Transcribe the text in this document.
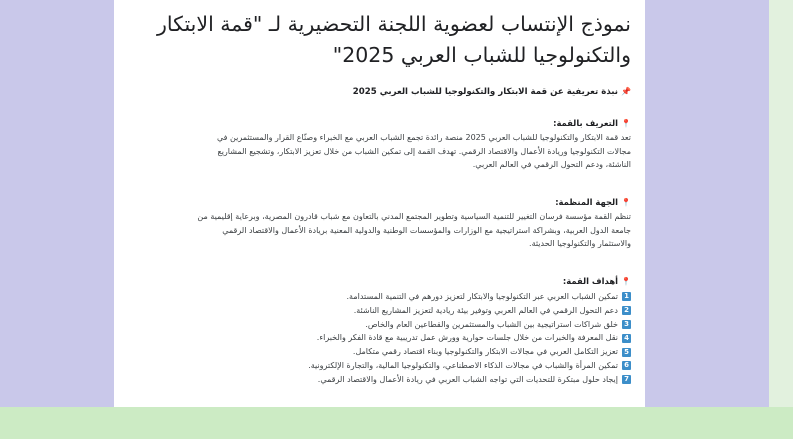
نموذج الإنتساب لعضوية اللجنة التحضيرية لـ "قمة الابتكار
والتكنولوجيا للشباب العربي 2025"
📌نبذة تعريفية عن قمة الابتكار والتكنولوجيا للشباب العربي 2025
📍التعريف بالقمة:

تعد قمة الابتكار والتكنولوجيا للشباب العربي 2025 منصة رائدة تجمع الشباب العربي مع الخبراء وصنّاع القرار والمستثمرين في
مجالات التكنولوجيا وريادة الأعمال والاقتصاد الرقمي. تهدف القمة إلى تمكين الشباب من خلال تعزيز الابتكار، وتشجيع المشاريع
الناشئة، ودعم التحول الرقمي في العالم العربي.

📍الجهة المنظمة:

تنظم القمة مؤسسة فرسان التغيير للتنمية السياسية وتطوير المجتمع المدني بالتعاون مع شباب قادرون المصرية، وبرعاية إقليمية من
جامعة الدول العربية، وبشراكة استراتيجية مع الوزارات والمؤسسات الوطنية والدولية المعنية بريادة الأعمال والاقتصاد الرقمي
والاستثمار والتكنولوجيا الحديثة.

📍أهداف القمة:
1
تمكين الشباب العربي عبر التكنولوجيا والابتكار لتعزيز دورهم في التنمية المستدامة.
2
دعم التحول الرقمي في العالم العربي وتوفير بيئة ريادية لتعزيز المشاريع الناشئة.
3
خلق شراكات استراتيجية بين الشباب والمستثمرين والقطاعين العام والخاص.
4
نقل المعرفة والخبرات من خلال جلسات حوارية وورش عمل تدريبية مع قادة الفكر والخبراء.
5
تعزيز التكامل العربي في مجالات الابتكار والتكنولوجيا وبناء اقتصاد رقمي متكامل.
6
تمكين المرأة والشباب في مجالات الذكاء الاصطناعي، والتكنولوجيا المالية، والتجارة الإلكترونية.
7
إيجاد حلول مبتكرة للتحديات التي تواجه الشباب العربي في ريادة الأعمال والاقتصاد الرقمي.
